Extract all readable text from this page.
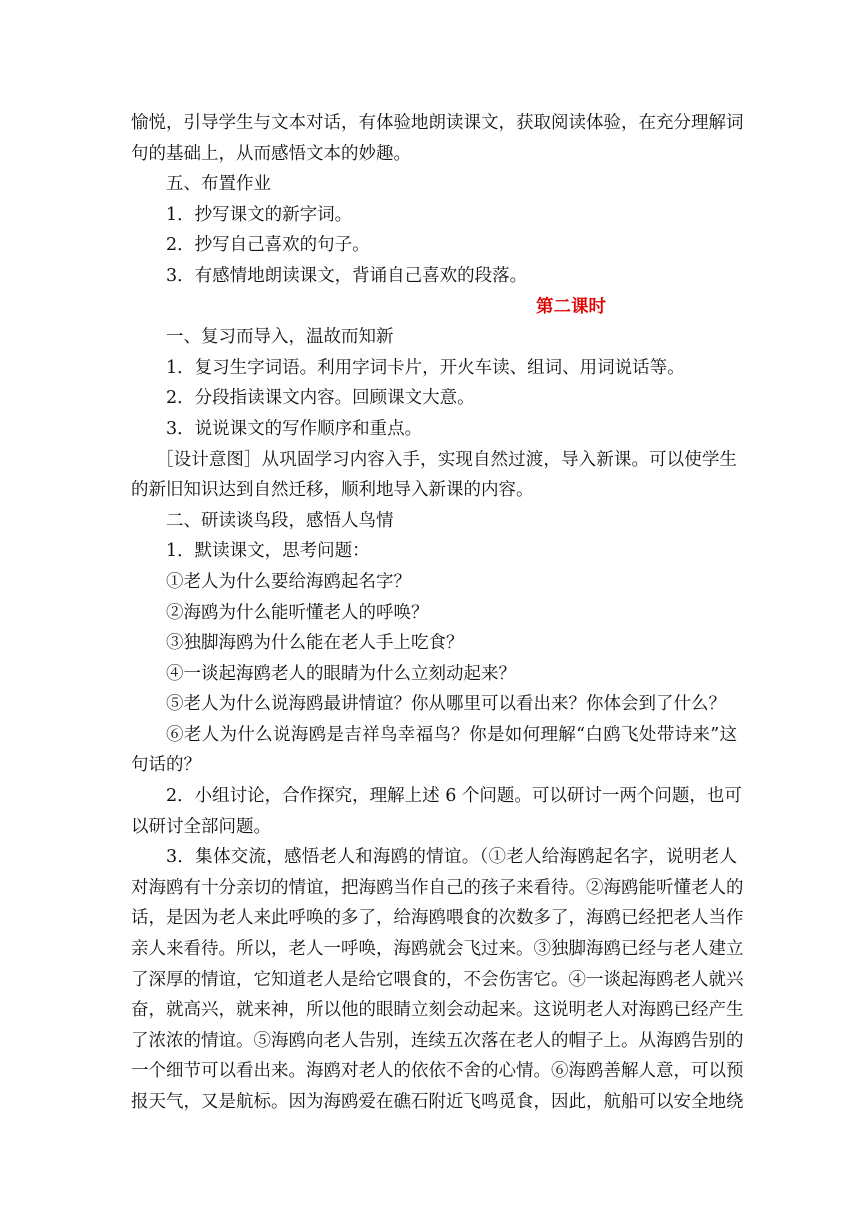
愉悦，引导学生与文本对话，有体验地朗读课文，获取阅读体验，在充分理解词
句的基础上，从而感悟文本的妙趣。
五、布置作业
1．抄写课文的新字词。
2．抄写自己喜欢的句子。
3．有感情地朗读课文，背诵自己喜欢的段落。
第二课时
一、复习而导入，温故而知新
1．复习生字词语。利用字词卡片，开火车读、组词、用词说话等。
2．分段指读课文内容。回顾课文大意。
3．说说课文的写作顺序和重点。
［设计意图］从巩固学习内容入手，实现自然过渡，导入新课。可以使学生
的新旧知识达到自然迁移，顺利地导入新课的内容。
二、研读谈鸟段，感悟人鸟情
1．默读课文，思考问题：
①老人为什么要给海鸥起名字？
②海鸥为什么能听懂老人的呼唤？
③独脚海鸥为什么能在老人手上吃食？
④一谈起海鸥老人的眼睛为什么立刻动起来？
⑤老人为什么说海鸥最讲情谊？你从哪里可以看出来？你体会到了什么？
⑥老人为什么说海鸥是吉祥鸟幸福鸟？你是如何理解“白鸥飞处带诗来”这
句话的？
2．小组讨论，合作探究，理解上述 6 个问题。可以研讨一两个问题，也可
以研讨全部问题。
3．集体交流，感悟老人和海鸥的情谊。（①老人给海鸥起名字，说明老人
对海鸥有十分亲切的情谊，把海鸥当作自己的孩子来看待。②海鸥能听懂老人的
话，是因为老人来此呼唤的多了，给海鸥喂食的次数多了，海鸥已经把老人当作
亲人来看待。所以，老人一呼唤，海鸥就会飞过来。③独脚海鸥已经与老人建立
了深厚的情谊，它知道老人是给它喂食的，不会伤害它。④一谈起海鸥老人就兴
奋，就高兴，就来神，所以他的眼睛立刻会动起来。这说明老人对海鸥已经产生
了浓浓的情谊。⑤海鸥向老人告别，连续五次落在老人的帽子上。从海鸥告别的
一个细节可以看出来。海鸥对老人的依依不舍的心情。⑥海鸥善解人意，可以预
报天气，又是航标。因为海鸥爱在礁石附近飞鸣觅食，因此，航船可以安全地绕
